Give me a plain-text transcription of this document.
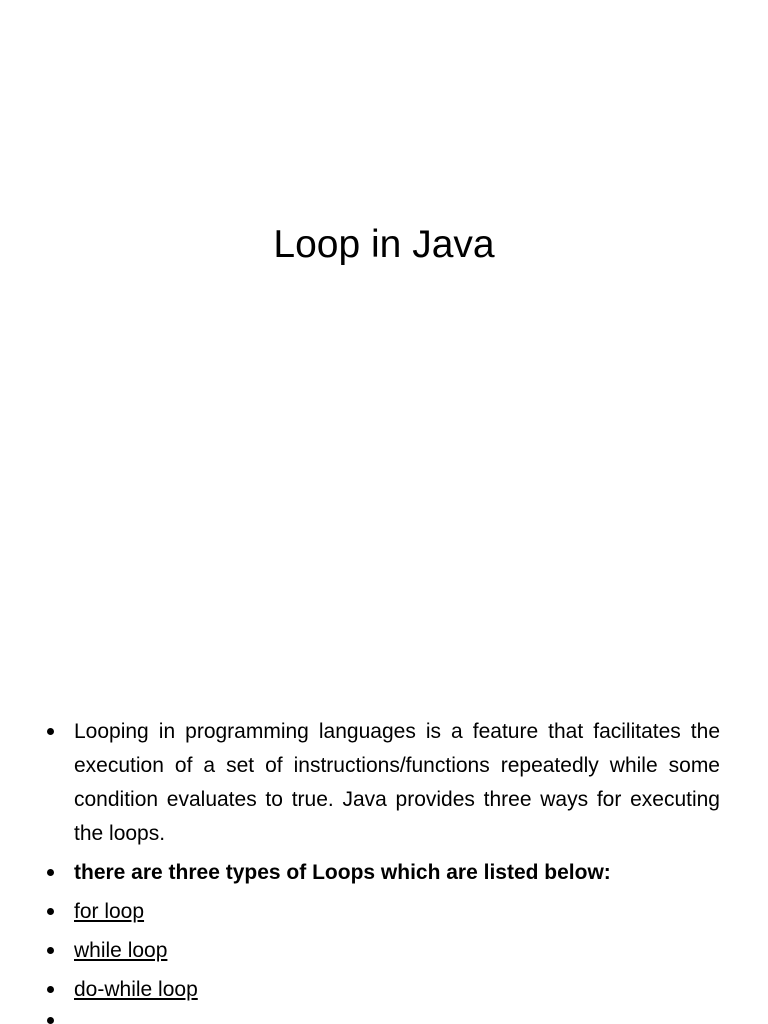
Loop in Java
Looping in programming languages is a feature that facilitates the execution of a set of instructions/functions repeatedly while some condition evaluates to true. Java provides three ways for executing the loops.
there are three types of Loops which are listed below:
for loop
while loop
do-while loop
